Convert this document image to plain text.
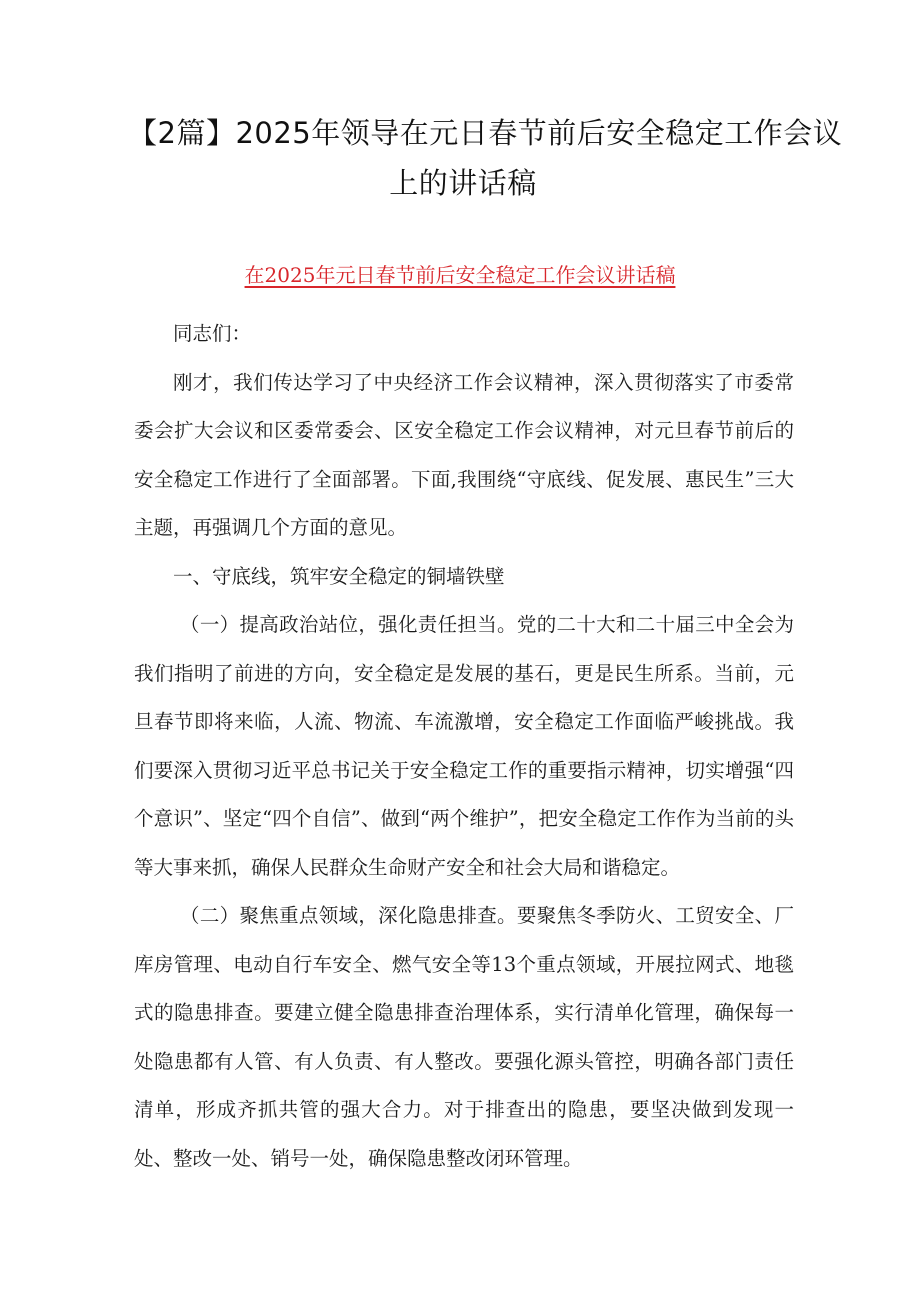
【2篇】2025年领导在元日春节前后安全稳定工作会议
上的讲话稿

在2025年元日春节前后安全稳定工作会议讲话稿

同志们：

刚才，我们传达学习了中央经济工作会议精神，深入贯彻落实了市委常委会扩大会议和区委常委会、区安全稳定工作会议精神，对元旦春节前后的安全稳定工作进行了全面部署。下面,我围绕“守底线、促发展、惠民生”三大主题，再强调几个方面的意见。

一、守底线，筑牢安全稳定的铜墙铁壁

（一）提高政治站位，强化责任担当。党的二十大和二十届三中全会为我们指明了前进的方向，安全稳定是发展的基石，更是民生所系。当前，元旦春节即将来临，人流、物流、车流激增，安全稳定工作面临严峻挑战。我们要深入贯彻习近平总书记关于安全稳定工作的重要指示精神，切实增强“四个意识”、坚定“四个自信”、做到“两个维护”，把安全稳定工作作为当前的头等大事来抓，确保人民群众生命财产安全和社会大局和谐稳定。

（二）聚焦重点领域，深化隐患排查。要聚焦冬季防火、工贸安全、厂库房管理、电动自行车安全、燃气安全等13个重点领域，开展拉网式、地毯式的隐患排查。要建立健全隐患排查治理体系，实行清单化管理，确保每一处隐患都有人管、有人负责、有人整改。要强化源头管控，明确各部门责任清单，形成齐抓共管的强大合力。对于排查出的隐患，要坚决做到发现一处、整改一处、销号一处，确保隐患整改闭环管理。
